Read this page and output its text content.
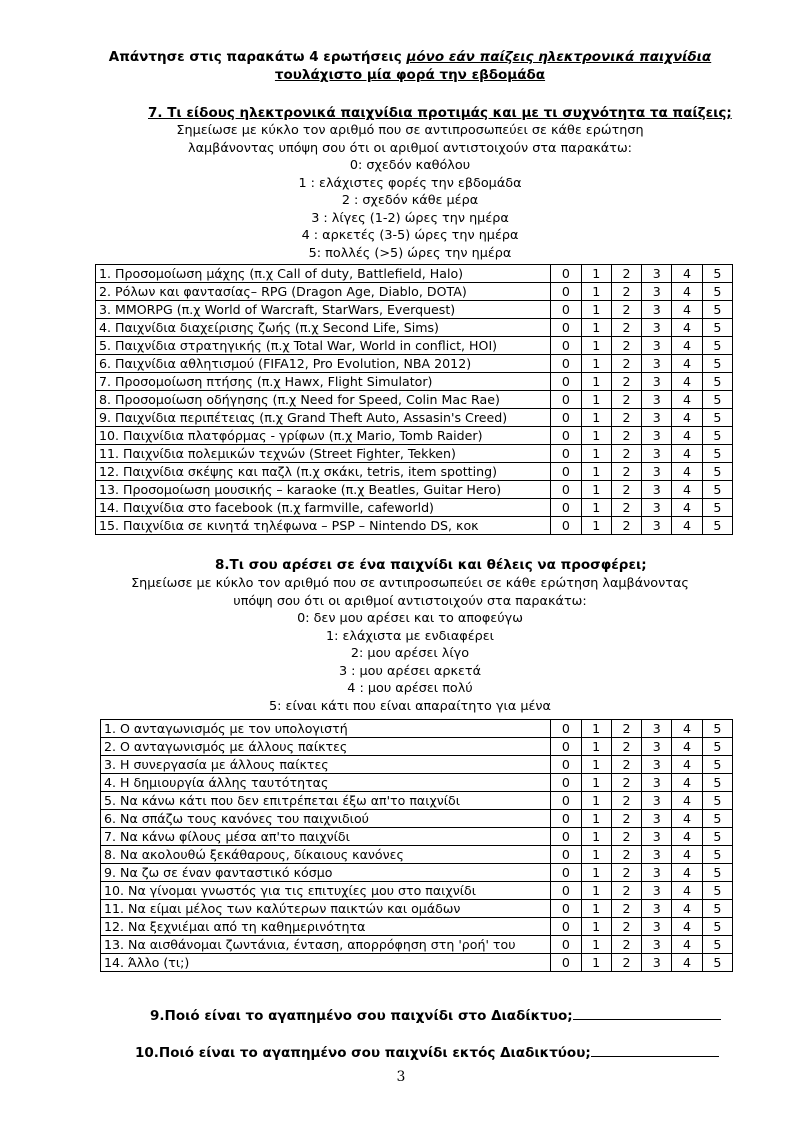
Απάντησε στις παρακάτω 4 ερωτήσεις μόνο εάν παίζεις ηλεκτρονικά παιχνίδια
τουλάχιστο μία φορά την εβδομάδα
7. Τι είδους ηλεκτρονικά παιχνίδια προτιμάς και με τι συχνότητα τα παίζεις;
Σημείωσε με κύκλο τον αριθμό που σε αντιπροσωπεύει σε κάθε ερώτηση
λαμβάνοντας υπόψη σου ότι οι αριθμοί αντιστοιχούν στα παρακάτω:
0: σχεδόν καθόλου
1 : ελάχιστες φορές την εβδομάδα
2 : σχεδόν κάθε μέρα
3 : λίγες (1-2) ώρες την ημέρα
4 : αρκετές (3-5) ώρες την ημέρα
5: πολλές (>5) ώρες την ημέρα
1. Προσομοίωση μάχης (π.χ Call of duty, Battlefield, Halo)	0	1	2	3	4	5
2. Ρόλων και φαντασίας– RPG (Dragon Age, Diablo, DOTA)	0	1	2	3	4	5
3. MMORPG (π.χ World of Warcraft, StarWars, Everquest)	0	1	2	3	4	5
4. Παιχνίδια διαχείρισης ζωής (π.χ Second Life, Sims)	0	1	2	3	4	5
5. Παιχνίδια στρατηγικής (π.χ Total War, World in conflict, HOI)	0	1	2	3	4	5
6. Παιχνίδια αθλητισμού (FIFA12, Pro Evolution, NBA 2012)	0	1	2	3	4	5
7. Προσομοίωση πτήσης (π.χ Hawx, Flight Simulator)	0	1	2	3	4	5
8. Προσομοίωση οδήγησης (π.χ Need for Speed, Colin Mac Rae)	0	1	2	3	4	5
9. Παιχνίδια περιπέτειας (π.χ Grand Theft Auto, Assasin's Creed)	0	1	2	3	4	5
10. Παιχνίδια πλατφόρμας - γρίφων (π.χ Mario, Tomb Raider)	0	1	2	3	4	5
11. Παιχνίδια πολεμικών τεχνών (Street Fighter, Tekken)	0	1	2	3	4	5
12. Παιχνίδια σκέψης και παζλ (π.χ σκάκι, tetris, item spotting)	0	1	2	3	4	5
13. Προσομοίωση μουσικής – karaoke (π.χ Beatles, Guitar Hero)	0	1	2	3	4	5
14. Παιχνίδια στο facebook (π.χ farmville, cafeworld)	0	1	2	3	4	5
15. Παιχνίδια σε κινητά τηλέφωνα – PSP – Nintendo DS, κοκ	0	1	2	3	4	5
8.Τι σου αρέσει σε ένα παιχνίδι και θέλεις να προσφέρει;
Σημείωσε με κύκλο τον αριθμό που σε αντιπροσωπεύει σε κάθε ερώτηση λαμβάνοντας
υπόψη σου ότι οι αριθμοί αντιστοιχούν στα παρακάτω:
0: δεν μου αρέσει και το αποφεύγω
1: ελάχιστα με ενδιαφέρει
2: μου αρέσει λίγο
3 : μου αρέσει αρκετά
4 : μου αρέσει πολύ
5: είναι κάτι που είναι απαραίτητο για μένα
1. Ο ανταγωνισμός με τον υπολογιστή	0	1	2	3	4	5
2. Ο ανταγωνισμός με άλλους παίκτες	0	1	2	3	4	5
3. Η συνεργασία με άλλους παίκτες	0	1	2	3	4	5
4. Η δημιουργία άλλης ταυτότητας	0	1	2	3	4	5
5. Να κάνω κάτι που δεν επιτρέπεται έξω απ'το παιχνίδι	0	1	2	3	4	5
6. Να σπάζω τους κανόνες του παιχνιδιού	0	1	2	3	4	5
7. Να κάνω φίλους μέσα απ'το παιχνίδι	0	1	2	3	4	5
8. Να ακολουθώ ξεκάθαρους, δίκαιους κανόνες	0	1	2	3	4	5
9. Να ζω σε έναν φανταστικό κόσμο	0	1	2	3	4	5
10. Να γίνομαι γνωστός για τις επιτυχίες μου στο παιχνίδι	0	1	2	3	4	5
11. Να είμαι μέλος των καλύτερων παικτών και ομάδων	0	1	2	3	4	5
12. Να ξεχνιέμαι από τη καθημερινότητα	0	1	2	3	4	5
13. Να αισθάνομαι ζωντάνια, ένταση, απορρόφηση στη 'ροή' του	0	1	2	3	4	5
14. Άλλο (τι;)	0	1	2	3	4	5
9.Ποιό είναι το αγαπημένο σου παιχνίδι στο Διαδίκτυο;
10.Ποιό είναι το αγαπημένο σου παιχνίδι εκτός Διαδικτύου;
3
